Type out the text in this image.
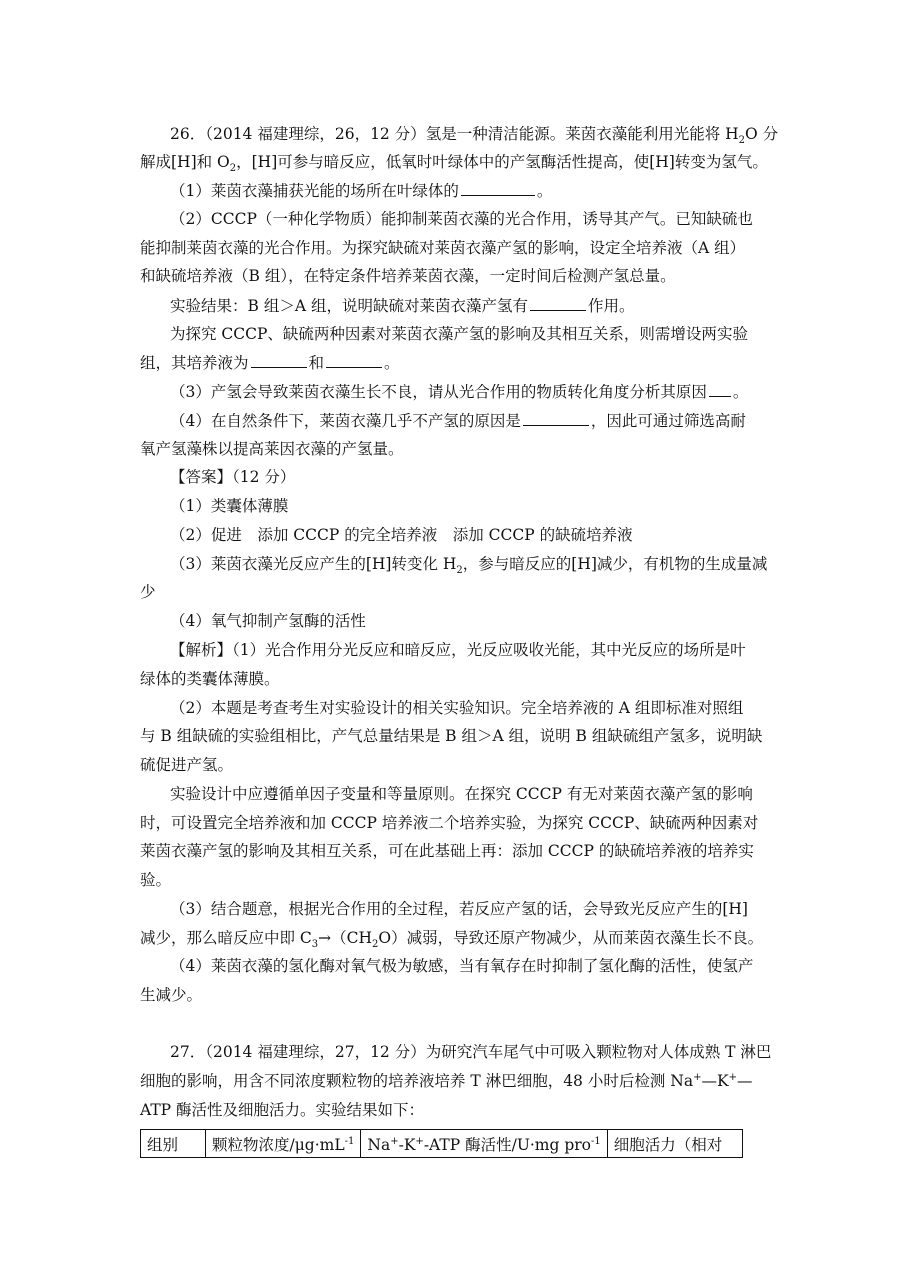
26．（2014 福建理综，26，12 分）氢是一种清洁能源。莱茵衣藻能利用光能将 $H_2O$ 分
解成[H]和 $O_2$，[H]可参与暗反应，低氧时叶绿体中的产氢酶活性提高，使[H]转变为氢气。
（1）莱茵衣藻捕获光能的场所在叶绿体的	。
（2）CCCP（一种化学物质）能抑制莱茵衣藻的光合作用，诱导其产气。已知缺硫也
能抑制莱茵衣藻的光合作用。为探究缺硫对莱茵衣藻产氢的影响，设定全培养液（A 组）
和缺硫培养液（B 组），在特定条件培养莱茵衣藻，一定时间后检测产氢总量。
实验结果：B 组＞A 组，说明缺硫对莱茵衣藻产氢有	作用。
为探究 CCCP、缺硫两种因素对莱茵衣藻产氢的影响及其相互关系，则需增设两实验
组，其培养液为	和	。
（3）产氢会导致莱茵衣藻生长不良，请从光合作用的物质转化角度分析其原因 。
（4）在自然条件下，莱茵衣藻几乎不产氢的原因是	，因此可通过筛选高耐
氧产氢藻株以提高莱因衣藻的产氢量。
【答案】（12 分）
（1）类囊体薄膜
（2）促进　添加 CCCP 的完全培养液　添加 CCCP 的缺硫培养液
（3）莱茵衣藻光反应产生的[H]转变化 $H_2$，参与暗反应的[H]减少，有机物的生成量减
少
（4）氧气抑制产氢酶的活性
【解析】（1）光合作用分光反应和暗反应，光反应吸收光能，其中光反应的场所是叶
绿体的类囊体薄膜。
（2）本题是考查考生对实验设计的相关实验知识。完全培养液的 A 组即标准对照组
与 B 组缺硫的实验组相比，产气总量结果是 B 组＞A 组，说明 B 组缺硫组产氢多，说明缺
硫促进产氢。
实验设计中应遵循单因子变量和等量原则。在探究 CCCP 有无对莱茵衣藻产氢的影响
时，可设置完全培养液和加 CCCP 培养液二个培养实验，为探究 CCCP、缺硫两种因素对
莱茵衣藻产氢的影响及其相互关系，可在此基础上再：添加 CCCP 的缺硫培养液的培养实
验。
（3）结合题意，根据光合作用的全过程，若反应产氢的话，会导致光反应产生的[H]
减少，那么暗反应中即 $C_3\to(CH_2O)$减弱，导致还原产物减少，从而莱茵衣藻生长不良。
（4）莱茵衣藻的氢化酶对氧气极为敏感，当有氧存在时抑制了氢化酶的活性，使氢产
生减少。
27．（2014 福建理综，27，12 分）为研究汽车尾气中可吸入颗粒物对人体成熟 T 淋巴
细胞的影响，用含不同浓度颗粒物的培养液培养 T 淋巴细胞，48 小时后检测 Na+—K+—
ATP 酶活性及细胞活力。实验结果如下：
组别	颗粒物浓度$/\mu g\cdot mL^{-1}$	Na+-K+-ATP 酶活性/U·mg pro$^{-1}$	细胞活力（相对
